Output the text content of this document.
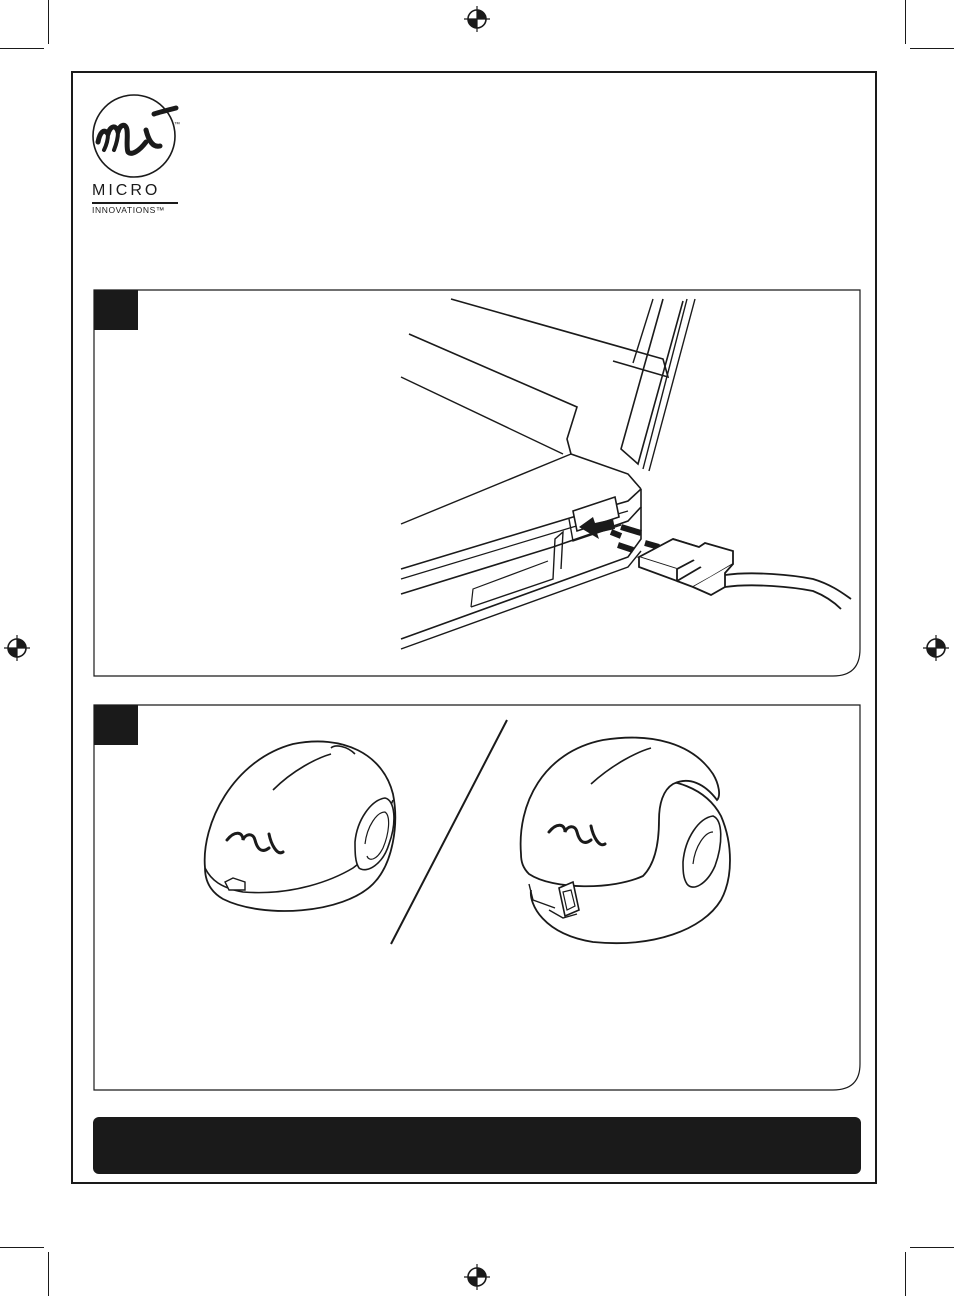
™
MICRO
INNOVATIONS™
